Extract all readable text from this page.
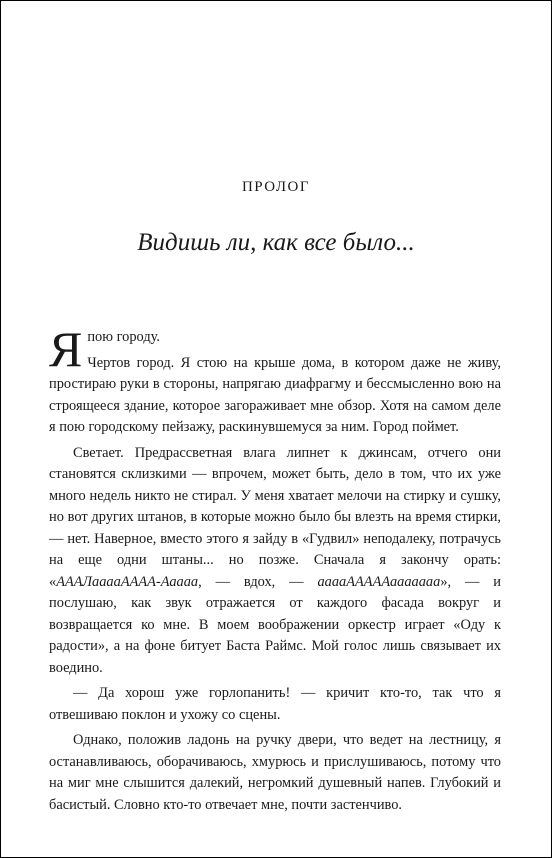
ПРОЛОГ
Видишь ли, как все было...

Я пою городу.

Чертов город. Я стою на крыше дома, в котором даже не живу, простираю руки в стороны, напрягаю диафрагму и бессмысленно вою на строящееся здание, которое загораживает мне обзор. Хотя на самом деле я пою городскому пейзажу, раскинувшемуся за ним. Город поймет.

Светает. Предрассветная влага липнет к джинсам, отчего они становятся склизкими — впрочем, может быть, дело в том, что их уже много недель никто не стирал. У меня хватает мелочи на стирку и сушку, но вот других штанов, в которые можно было бы влезть на время стирки, — нет. Наверное, вместо этого я зайду в «Гудвил» неподалеку, потрачусь на еще одни штаны... но позже. Сначала я закончу орать: «АААЛааааАААА-Ааааа, — вдох, — ааааАААААааааааа», — и послушаю, как звук отражается от каждого фасада вокруг и возвращается ко мне. В моем воображении оркестр играет «Оду к радости», а на фоне битует Баста Раймс. Мой голос лишь связывает их воедино.

— Да хорош уже горлопанить! — кричит кто-то, так что я отвешиваю поклон и ухожу со сцены.

Однако, положив ладонь на ручку двери, что ведет на лестницу, я останавливаюсь, оборачиваюсь, хмурюсь и прислушиваюсь, потому что на миг мне слышится далекий, негромкий душевный напев. Глубокий и басистый. Словно кто-то отвечает мне, почти застенчиво.
